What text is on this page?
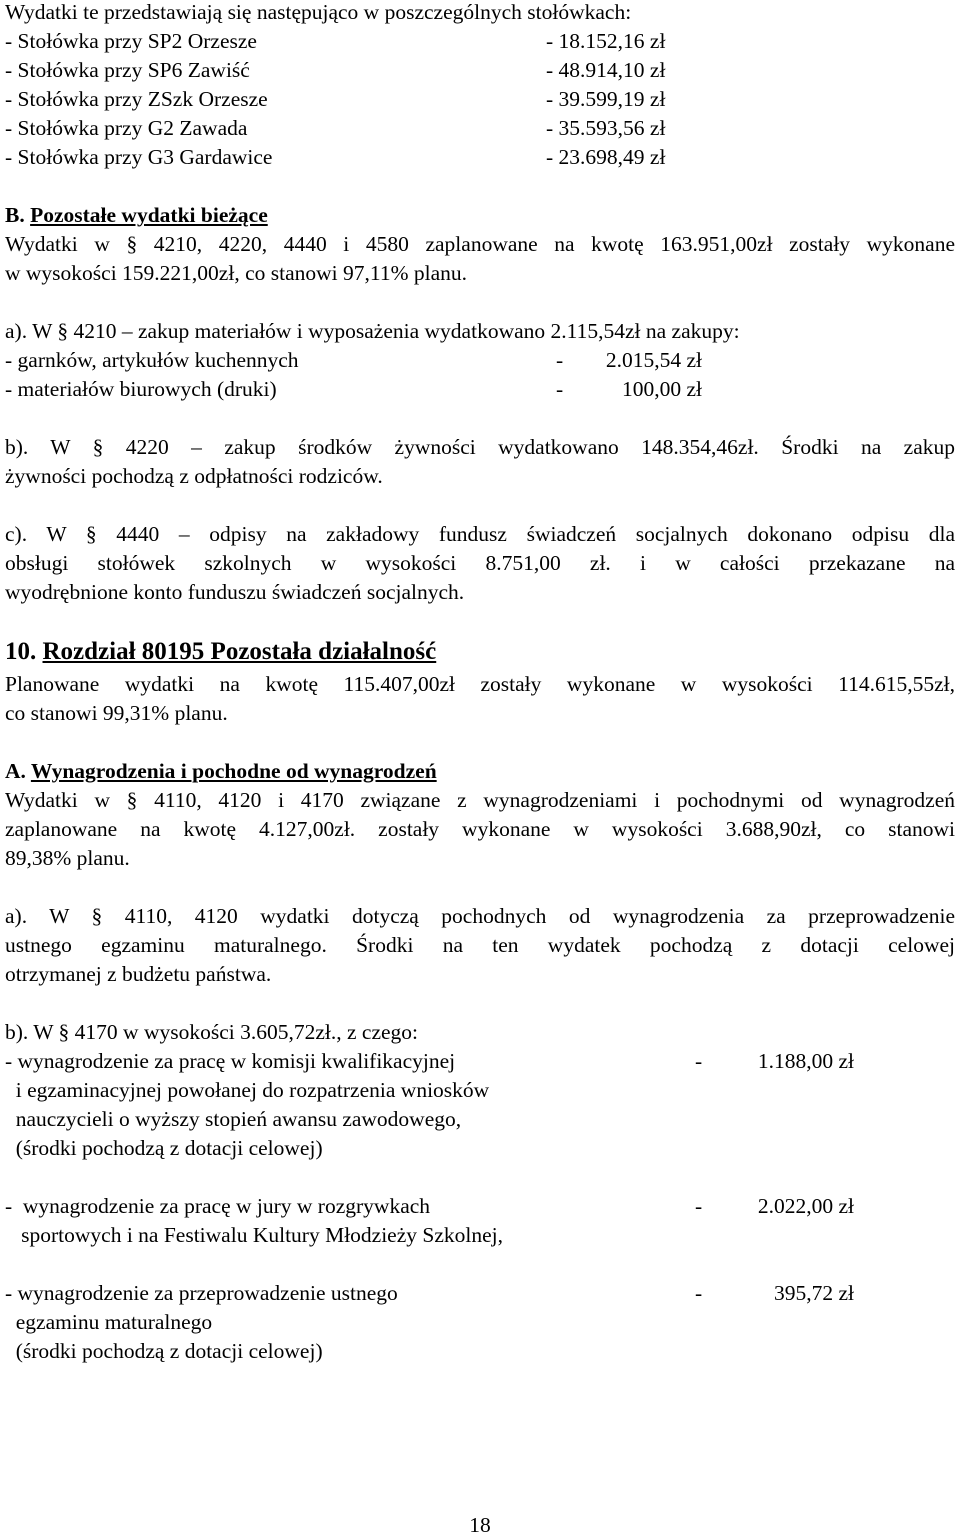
Wydatki te przedstawiają się następująco w poszczególnych stołówkach:
- Stołówka przy SP2 Orzesze	- 18.152,16 zł
- Stołówka przy SP6 Zawiść	- 48.914,10 zł
- Stołówka przy ZSzk Orzesze	- 39.599,19 zł
- Stołówka przy G2 Zawada	- 35.593,56 zł
- Stołówka przy G3 Gardawice	- 23.698,49 zł
B. Pozostałe wydatki bieżące
Wydatki w § 4210, 4220, 4440 i 4580 zaplanowane na kwotę 163.951,00zł zostały wykonane
w wysokości 159.221,00zł, co stanowi 97,11% planu.
a). W § 4210 – zakup materiałów i wyposażenia wydatkowano 2.115,54zł na zakupy:
- garnków, artykułów kuchennych	- 2.015,54 zł
- materiałów biurowych (druki)	-	100,00 zł
b). W § 4220 – zakup środków żywności wydatkowano 148.354,46zł. Środki na zakup
żywności pochodzą z odpłatności rodziców.
c). W § 4440 – odpisy na zakładowy fundusz świadczeń socjalnych dokonano odpisu dla
obsługi stołówek szkolnych w wysokości 8.751,00 zł. i w całości przekazane na
wyodrębnione konto funduszu świadczeń socjalnych.
10. Rozdział 80195 Pozostała działalność
Planowane wydatki na kwotę 115.407,00zł zostały wykonane w wysokości 114.615,55zł,
co stanowi 99,31% planu.
A. Wynagrodzenia i pochodne od wynagrodzeń
Wydatki w § 4110, 4120 i 4170 związane z wynagrodzeniami i pochodnymi od wynagrodzeń
zaplanowane na kwotę 4.127,00zł. zostały wykonane w wysokości 3.688,90zł, co stanowi
89,38% planu.
a). W § 4110, 4120 wydatki dotyczą pochodnych od wynagrodzenia za przeprowadzenie
ustnego egzaminu maturalnego. Środki na ten wydatek pochodzą z dotacji celowej
otrzymanej z budżetu państwa.
b). W § 4170 w wysokości 3.605,72zł., z czego:
- wynagrodzenie za pracę w komisji kwalifikacyjnej	-	1.188,00 zł
i egzaminacyjnej powołanej do rozpatrzenia wniosków
nauczycieli o wyższy stopień awansu zawodowego,
(środki pochodzą z dotacji celowej)
-  wynagrodzenie za pracę w jury w rozgrywkach	-	2.022,00 zł
sportowych i na Festiwalu Kultury Młodzieży Szkolnej,
- wynagrodzenie za przeprowadzenie ustnego	-	395,72 zł
egzaminu maturalnego
(środki pochodzą z dotacji celowej)
18
